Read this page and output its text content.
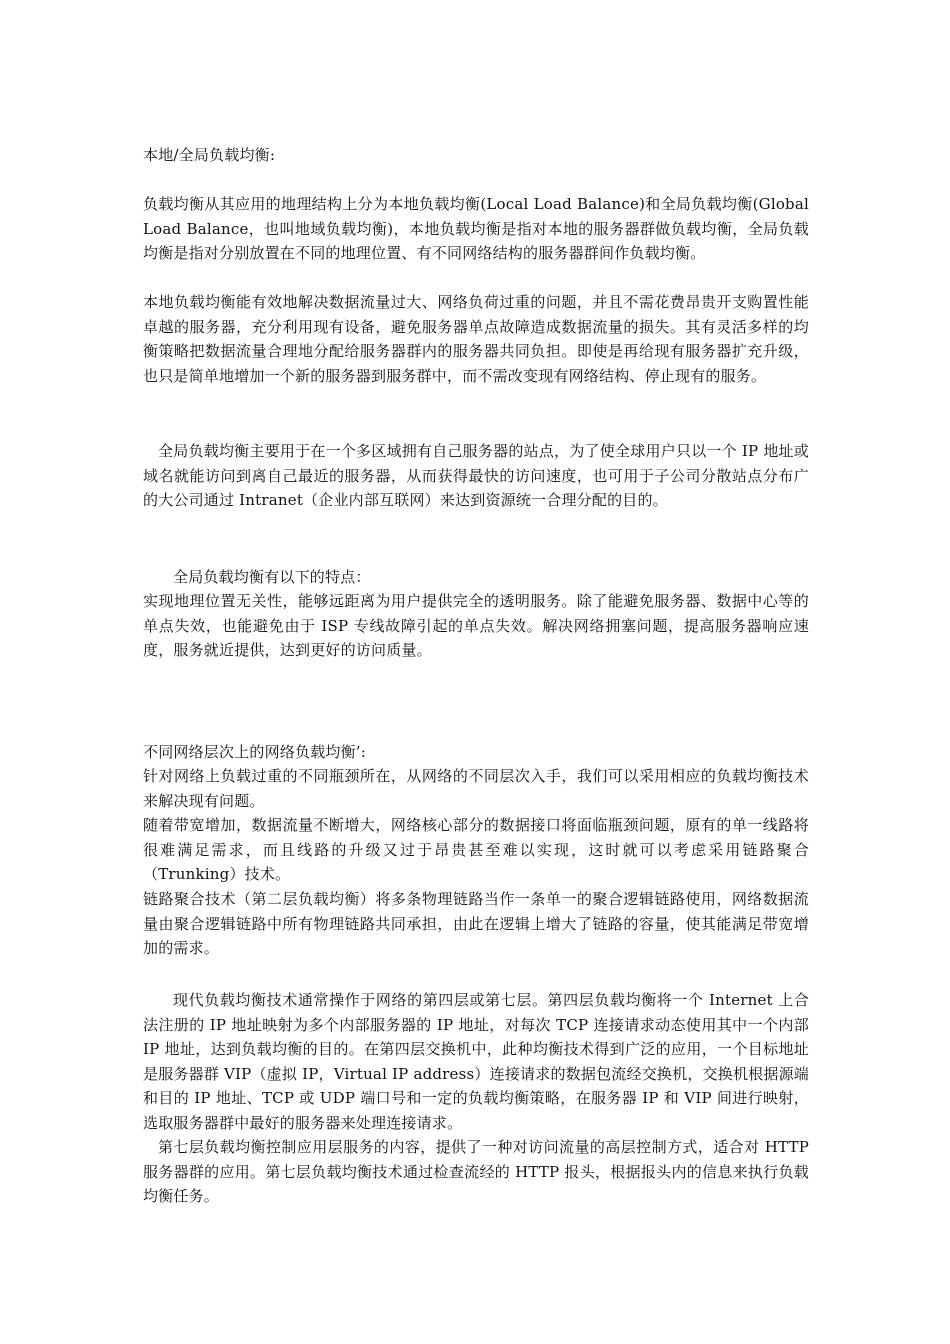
本地/全局负载均衡:
负载均衡从其应用的地理结构上分为本地负载均衡(Local Load Balance)和全局负载均衡(Global Load Balance，也叫地域负载均衡)，本地负载均衡是指对本地的服务器群做负载均衡，全局负载均衡是指对分别放置在不同的地理位置、有不同网络结构的服务器群间作负载均衡。
本地负载均衡能有效地解决数据流量过大、网络负荷过重的问题，并且不需花费昂贵开支购置性能卓越的服务器，充分利用现有设备，避免服务器单点故障造成数据流量的损失。其有灵活多样的均衡策略把数据流量合理地分配给服务器群内的服务器共同负担。即使是再给现有服务器扩充升级，也只是简单地增加一个新的服务器到服务群中，而不需改变现有网络结构、停止现有的服务。
全局负载均衡主要用于在一个多区域拥有自己服务器的站点，为了使全球用户只以一个 IP 地址或域名就能访问到离自己最近的服务器，从而获得最快的访问速度，也可用于子公司分散站点分布广的大公司通过 Intranet（企业内部互联网）来达到资源统一合理分配的目的。
全局负载均衡有以下的特点：
实现地理位置无关性，能够远距离为用户提供完全的透明服务。除了能避免服务器、数据中心等的单点失效，也能避免由于 ISP 专线故障引起的单点失效。解决网络拥塞问题，提高服务器响应速度，服务就近提供，达到更好的访问质量。
不同网络层次上的网络负载均衡’:
针对网络上负载过重的不同瓶颈所在，从网络的不同层次入手，我们可以采用相应的负载均衡技术来解决现有问题。
随着带宽增加，数据流量不断增大，网络核心部分的数据接口将面临瓶颈问题，原有的单一线路将很难满足需求，而且线路的升级又过于昂贵甚至难以实现，这时就可以考虑采用链路聚合（Trunking）技术。
链路聚合技术（第二层负载均衡）将多条物理链路当作一条单一的聚合逻辑链路使用，网络数据流量由聚合逻辑链路中所有物理链路共同承担，由此在逻辑上增大了链路的容量，使其能满足带宽增加的需求。
现代负载均衡技术通常操作于网络的第四层或第七层。第四层负载均衡将一个 Internet 上合法注册的 IP 地址映射为多个内部服务器的 IP 地址，对每次 TCP 连接请求动态使用其中一个内部 IP 地址，达到负载均衡的目的。在第四层交换机中，此种均衡技术得到广泛的应用，一个目标地址是服务器群 VIP（虚拟 IP，Virtual IP address）连接请求的数据包流经交换机，交换机根据源端和目的 IP 地址、TCP 或 UDP 端口号和一定的负载均衡策略，在服务器 IP 和 VIP 间进行映射，选取服务器群中最好的服务器来处理连接请求。
第七层负载均衡控制应用层服务的内容，提供了一种对访问流量的高层控制方式，适合对 HTTP 服务器群的应用。第七层负载均衡技术通过检查流经的 HTTP 报头，根据报头内的信息来执行负载均衡任务。
